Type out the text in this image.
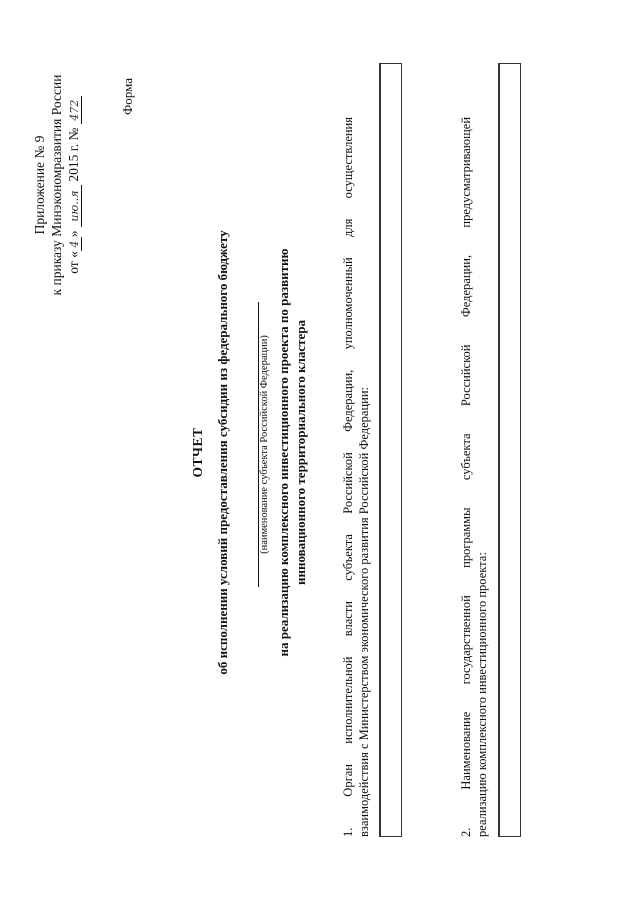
Приложение № 9 к приказу Минэкономразвития России от «4» ию..я 2015 г. № 472	Форма
ОТЧЕТ об исполнении условий предоставления субсидии из федерального бюджету	(наименование субъекта Российской Федерации) на реализацию комплексного инвестиционного проекта по развитию инновационного территориального кластера
1. Орган исполнительной власти субъекта Российской Федерации, уполномоченный для осуществления взаимодействия с Министерством экономического развития Российской Федерации:	2. Наименование государственной программы субъекта Российской Федерации, предусматривающей реализацию комплексного инвестиционного проекта:
